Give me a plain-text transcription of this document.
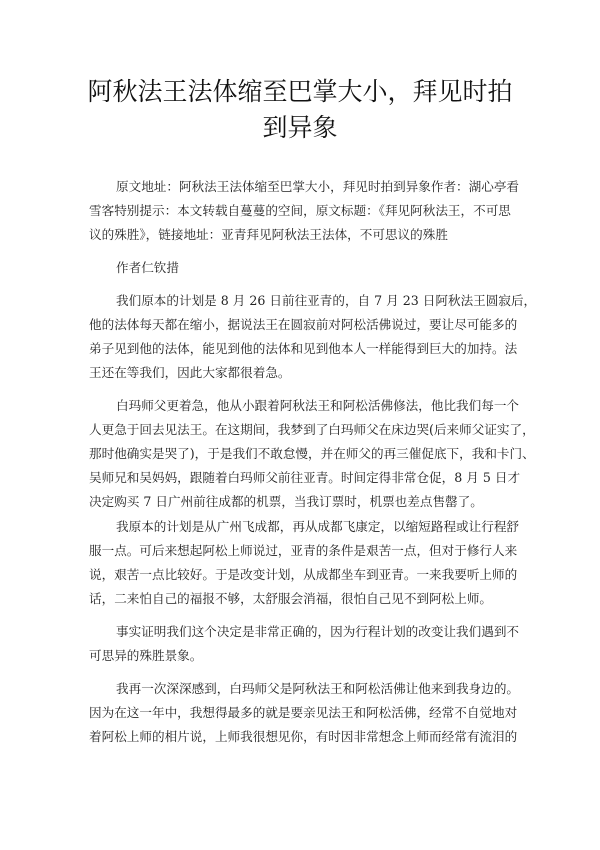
阿秋法王法体缩至巴掌大小，拜见时拍
到异象

原文地址：阿秋法王法体缩至巴掌大小，拜见时拍到异象作者：湖心亭看
雪客特别提示：本文转载自蔓蔓的空间，原文标题：《拜见阿秋法王，不可思
议的殊胜》，链接地址：亚青拜见阿秋法王法体，不可思议的殊胜

作者仁钦措

我们原本的计划是 8 月 26 日前往亚青的，自 7 月 23 日阿秋法王圆寂后，
他的法体每天都在缩小，据说法王在圆寂前对阿松活佛说过，要让尽可能多的
弟子见到他的法体，能见到他的法体和见到他本人一样能得到巨大的加持。法
王还在等我们，因此大家都很着急。

白玛师父更着急，他从小跟着阿秋法王和阿松活佛修法，他比我们每一个
人更急于回去见法王。在这期间，我梦到了白玛师父在床边哭(后来师父证实了，
那时他确实是哭了)，于是我们不敢怠慢，并在师父的再三催促底下，我和卡门、
吴师兄和吴妈妈，跟随着白玛师父前往亚青。时间定得非常仓促，8 月 5 日才
决定购买 7 日广州前往成都的机票，当我订票时，机票也差点售罄了。

我原本的计划是从广州飞成都，再从成都飞康定，以缩短路程或让行程舒
服一点。可后来想起阿松上师说过，亚青的条件是艰苦一点，但对于修行人来
说，艰苦一点比较好。于是改变计划，从成都坐车到亚青。一来我要听上师的
话，二来怕自己的福报不够，太舒服会消福，很怕自己见不到阿松上师。

事实证明我们这个决定是非常正确的，因为行程计划的改变让我们遇到不
可思异的殊胜景象。

我再一次深深感到，白玛师父是阿秋法王和阿松活佛让他来到我身边的。
因为在这一年中，我想得最多的就是要亲见法王和阿松活佛，经常不自觉地对
着阿松上师的相片说，上师我很想见你，有时因非常想念上师而经常有流泪的
